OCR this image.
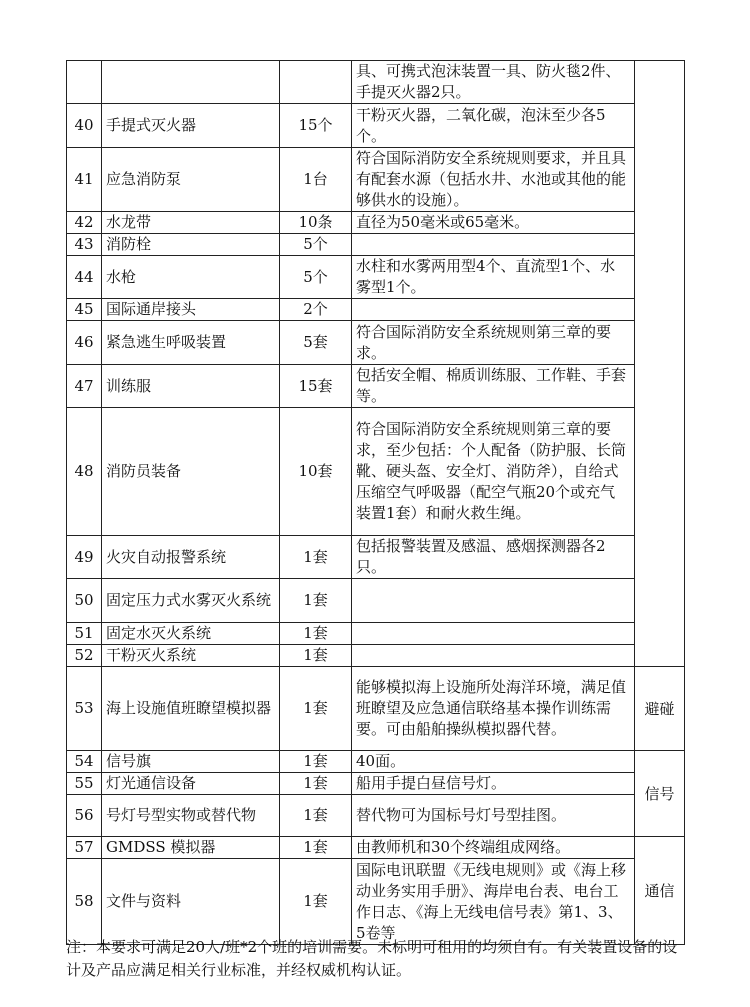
			具、可携式泡沫装置一具、防火毯2件、手提灭火器2只。	
40	手提式灭火器	15个	干粉灭火器，二氧化碳，泡沫至少各5个。	
41	应急消防泵	1台	符合国际消防安全系统规则要求，并且具有配套水源（包括水井、水池或其他的能够供水的设施）。	
42	水龙带	10条	直径为50毫米或65毫米。	
43	消防栓	5个		
44	水枪	5个	水柱和水雾两用型4个、直流型1个、水雾型1个。	
45	国际通岸接头	2个		
46	紧急逃生呼吸装置	5套	符合国际消防安全系统规则第三章的要求。	
47	训练服	15套	包括安全帽、棉质训练服、工作鞋、手套等。	
48	消防员装备	10套	符合国际消防安全系统规则第三章的要求，至少包括：个人配备（防护服、长筒靴、硬头盔、安全灯、消防斧），自给式压缩空气呼吸器（配空气瓶20个或充气装置1套）和耐火救生绳。	
49	火灾自动报警系统	1套	包括报警装置及感温、感烟探测器各2只。	
50	固定压力式水雾灭火系统	1套		
51	固定水灭火系统	1套		
52	干粉灭火系统	1套		
53	海上设施值班瞭望模拟器	1套	能够模拟海上设施所处海洋环境，满足值班瞭望及应急通信联络基本操作训练需要。可由船舶操纵模拟器代替。	避碰
54	信号旗	1套	40面。	信号
55	灯光通信设备	1套	船用手提白昼信号灯。	
56	号灯号型实物或替代物	1套	替代物可为国标号灯号型挂图。	
57	GMDSS 模拟器	1套	由教师机和30个终端组成网络。	通信
58	文件与资料	1套	国际电讯联盟《无线电规则》或《海上移动业务实用手册》、海岸电台表、电台工作日志、《海上无线电信号表》第1、3、5卷等	

注：本要求可满足20人/班*2个班的培训需要。未标明可租用的均须自有。有关装置设备的设计及产品应满足相关行业标准，并经权威机构认证。
